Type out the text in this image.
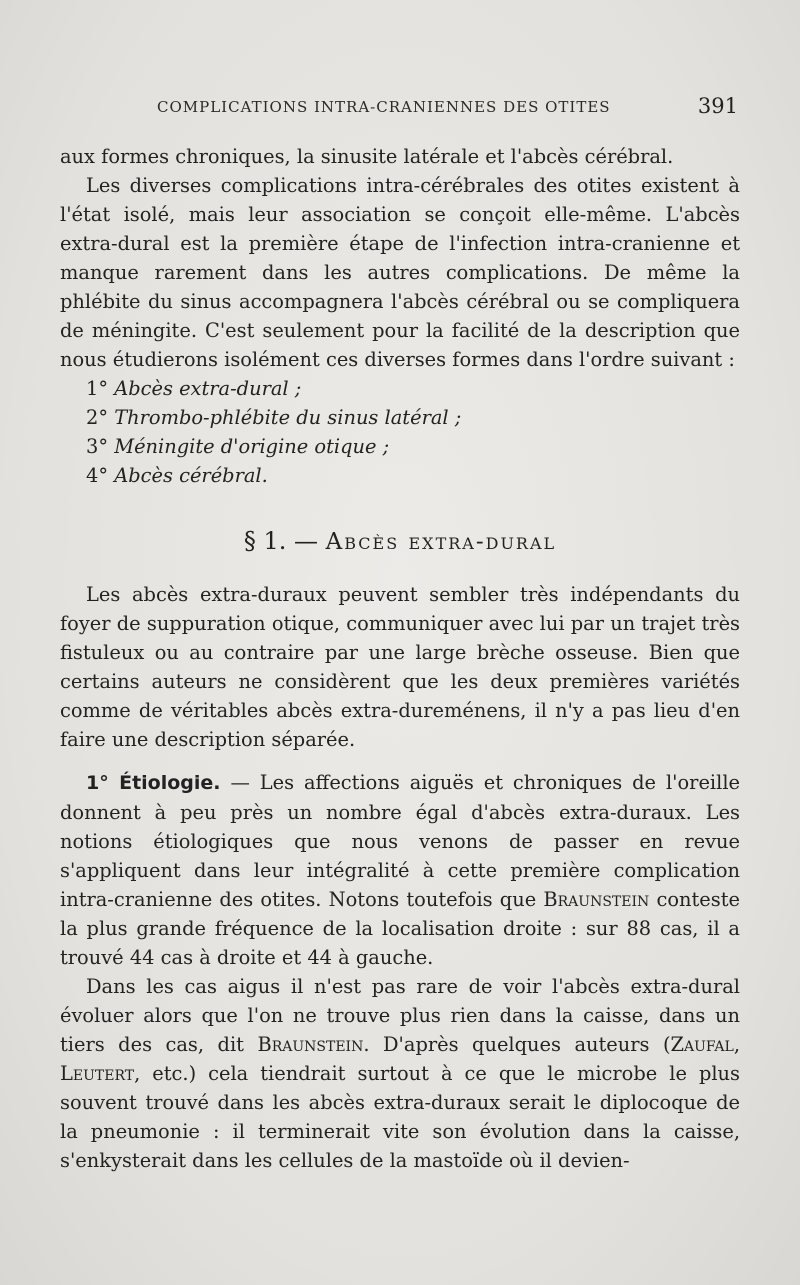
COMPLICATIONS INTRA-CRANIENNES DES OTITES	391

aux formes chroniques, la sinusite latérale et l'abcès cérébral.

Les diverses complications intra-cérébrales des otites existent à l'état isolé, mais leur association se conçoit elle-même. L'abcès extra-dural est la première étape de l'infection intra-cranienne et manque rarement dans les autres complications. De même la phlébite du sinus accompagnera l'abcès cérébral ou se compliquera de méningite. C'est seulement pour la facilité de la description que nous étudierons isolément ces diverses formes dans l'ordre suivant :

1° Abcès extra-dural ;
2° Thrombo-phlébite du sinus latéral ;
3° Méningite d'origine otique ;
4° Abcès cérébral.
§ 1. — Abcès extra-dural

Les abcès extra-duraux peuvent sembler très indépendants du foyer de suppuration otique, communiquer avec lui par un trajet très fistuleux ou au contraire par une large brèche osseuse. Bien que certains auteurs ne considèrent que les deux premières variétés comme de véritables abcès extra-dureménens, il n'y a pas lieu d'en faire une description séparée.

1° Étiologie. — Les affections aiguës et chroniques de l'oreille donnent à peu près un nombre égal d'abcès extra-duraux. Les notions étiologiques que nous venons de passer en revue s'appliquent dans leur intégralité à cette première complication intra-cranienne des otites. Notons toutefois que Braunstein conteste la plus grande fréquence de la localisation droite : sur 88 cas, il a trouvé 44 cas à droite et 44 à gauche.

Dans les cas aigus il n'est pas rare de voir l'abcès extra-dural évoluer alors que l'on ne trouve plus rien dans la caisse, dans un tiers des cas, dit Braunstein. D'après quelques auteurs (Zaufal, Leutert, etc.) cela tiendrait surtout à ce que le microbe le plus souvent trouvé dans les abcès extra-duraux serait le diplocoque de la pneumonie : il terminerait vite son évolution dans la caisse, s'enkysterait dans les cellules de la mastoïde où il devien-
